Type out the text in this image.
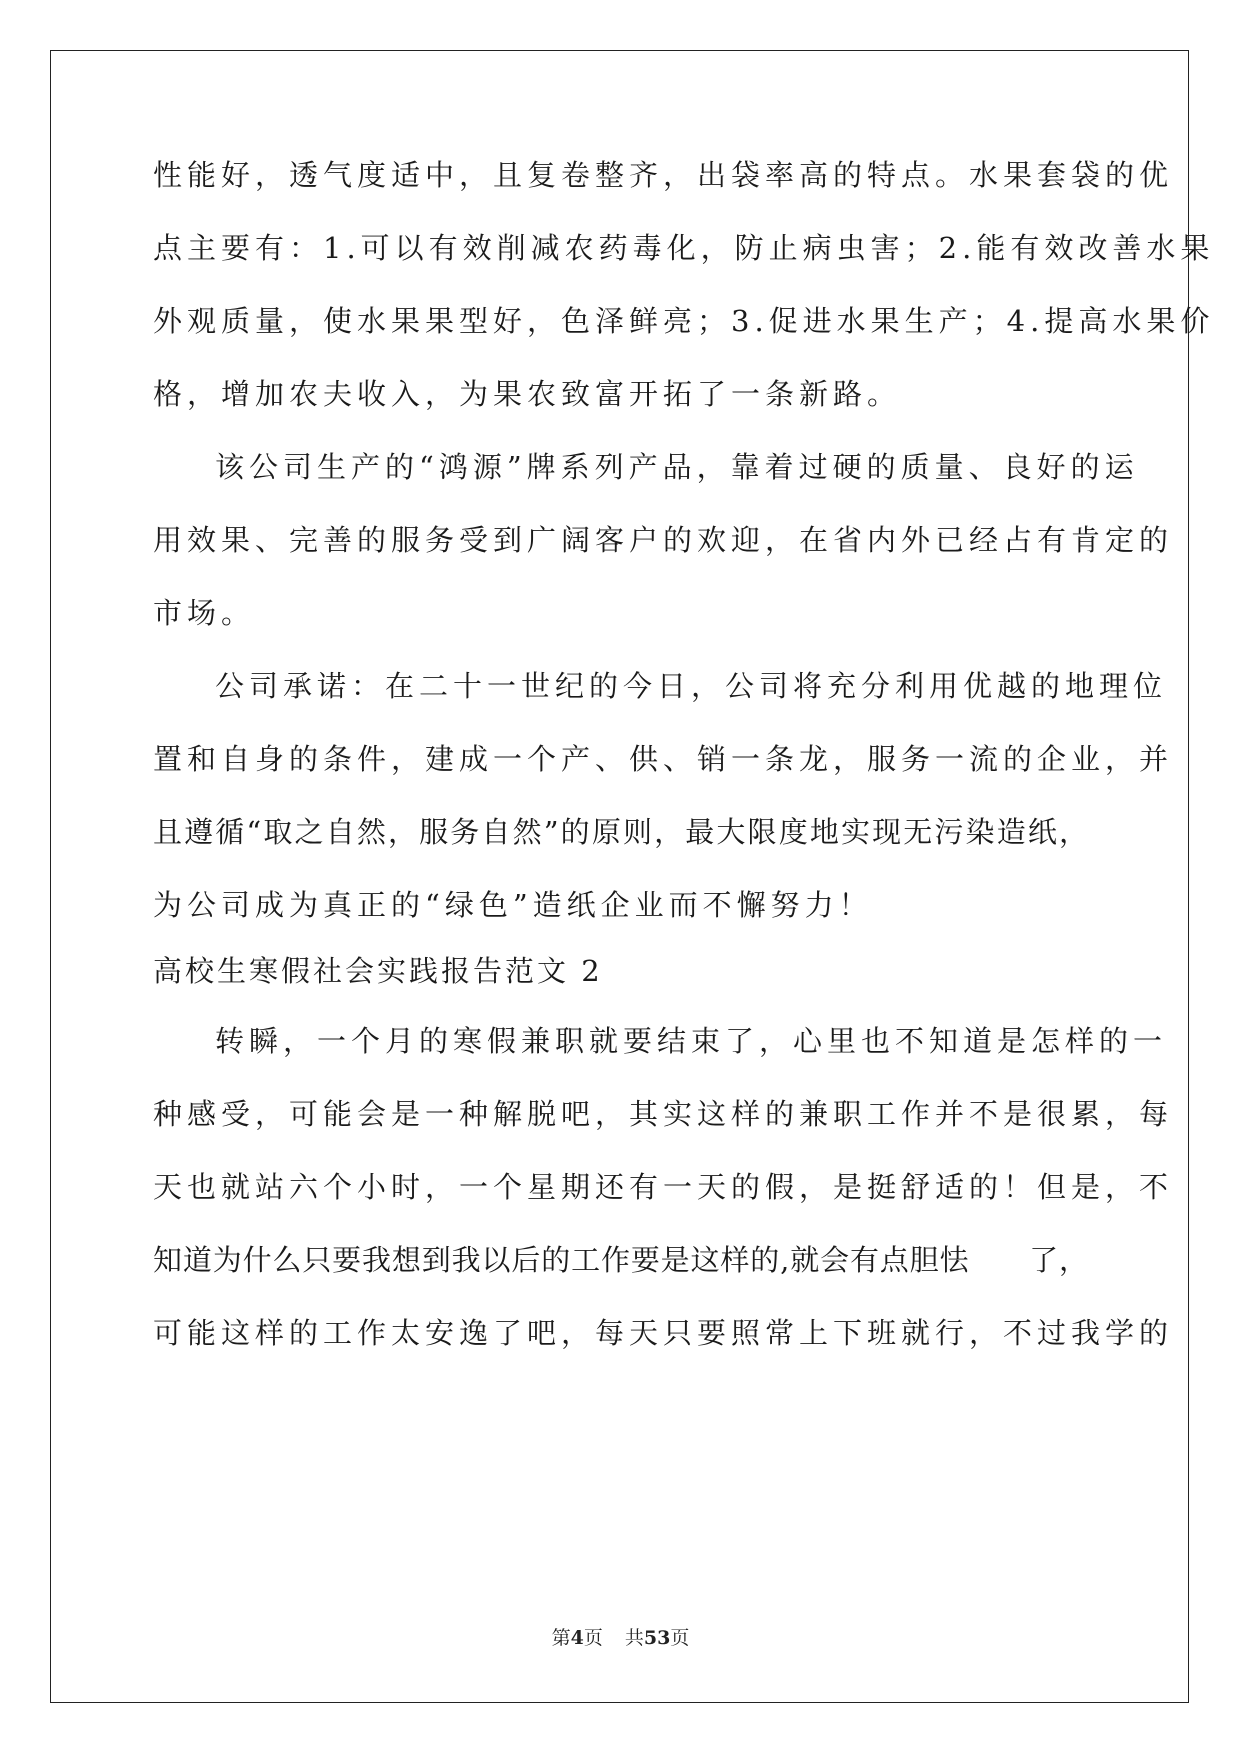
性能好，透气度适中，且复卷整齐，出袋率高的特点。水果套袋的优
点主要有：1.可以有效削减农药毒化，防止病虫害；2.能有效改善水果
外观质量，使水果果型好，色泽鲜亮；3.促进水果生产；4.提高水果价
格，增加农夫收入，为果农致富开拓了一条新路。
该公司生产的“鸿源”牌系列产品，靠着过硬的质量、良好的运
用效果、完善的服务受到广阔客户的欢迎，在省内外已经占有肯定的
市场。
公司承诺：在二十一世纪的今日，公司将充分利用优越的地理位
置和自身的条件，建成一个产、供、销一条龙，服务一流的企业，并
且遵循“取之自然，服务自然”的原则，最大限度地实现无污染造纸，
为公司成为真正的“绿色”造纸企业而不懈努力！
高校生寒假社会实践报告范文 2
转瞬，一个月的寒假兼职就要结束了，心里也不知道是怎样的一
种感受，可能会是一种解脱吧，其实这样的兼职工作并不是很累，每
天也就站六个小时，一个星期还有一天的假，是挺舒适的！但是，不
知道为什么只要我想到我以后的工作要是这样的,就会有点胆怯　　了，
可能这样的工作太安逸了吧，每天只要照常上下班就行，不过我学的
第4页 共53页
